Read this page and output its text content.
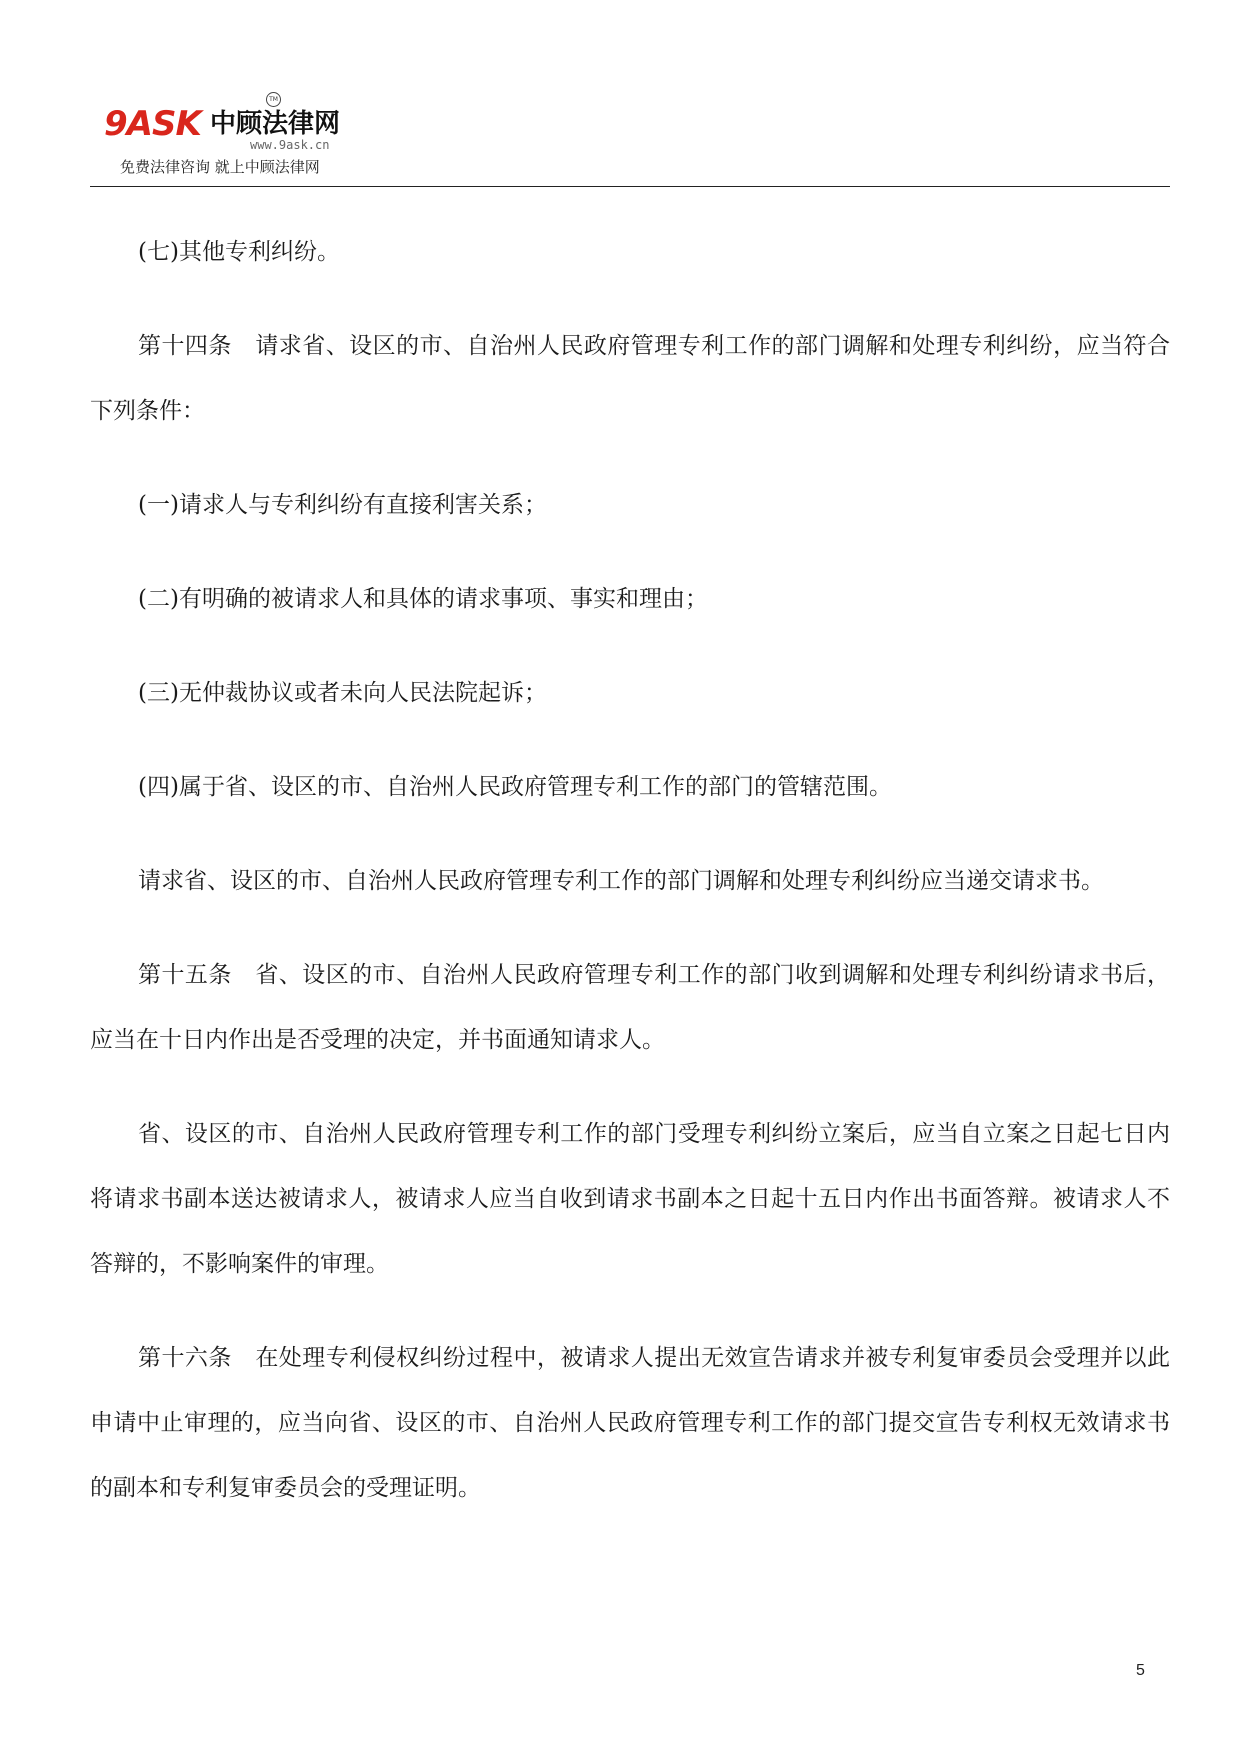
9ASK 中顾法律网
TM
www.9ask.cn
免费法律咨询 就上中顾法律网

(七)其他专利纠纷。

第十四条　请求省、设区的市、自治州人民政府管理专利工作的部门调解和处理专利纠纷，应当符合下列条件：

(一)请求人与专利纠纷有直接利害关系；

(二)有明确的被请求人和具体的请求事项、事实和理由；

(三)无仲裁协议或者未向人民法院起诉；

(四)属于省、设区的市、自治州人民政府管理专利工作的部门的管辖范围。

请求省、设区的市、自治州人民政府管理专利工作的部门调解和处理专利纠纷应当递交请求书。

第十五条　省、设区的市、自治州人民政府管理专利工作的部门收到调解和处理专利纠纷请求书后，应当在十日内作出是否受理的决定，并书面通知请求人。

省、设区的市、自治州人民政府管理专利工作的部门受理专利纠纷立案后，应当自立案之日起七日内将请求书副本送达被请求人，被请求人应当自收到请求书副本之日起十五日内作出书面答辩。被请求人不答辩的，不影响案件的审理。

第十六条　在处理专利侵权纠纷过程中，被请求人提出无效宣告请求并被专利复审委员会受理并以此申请中止审理的，应当向省、设区的市、自治州人民政府管理专利工作的部门提交宣告专利权无效请求书的副本和专利复审委员会的受理证明。

5
